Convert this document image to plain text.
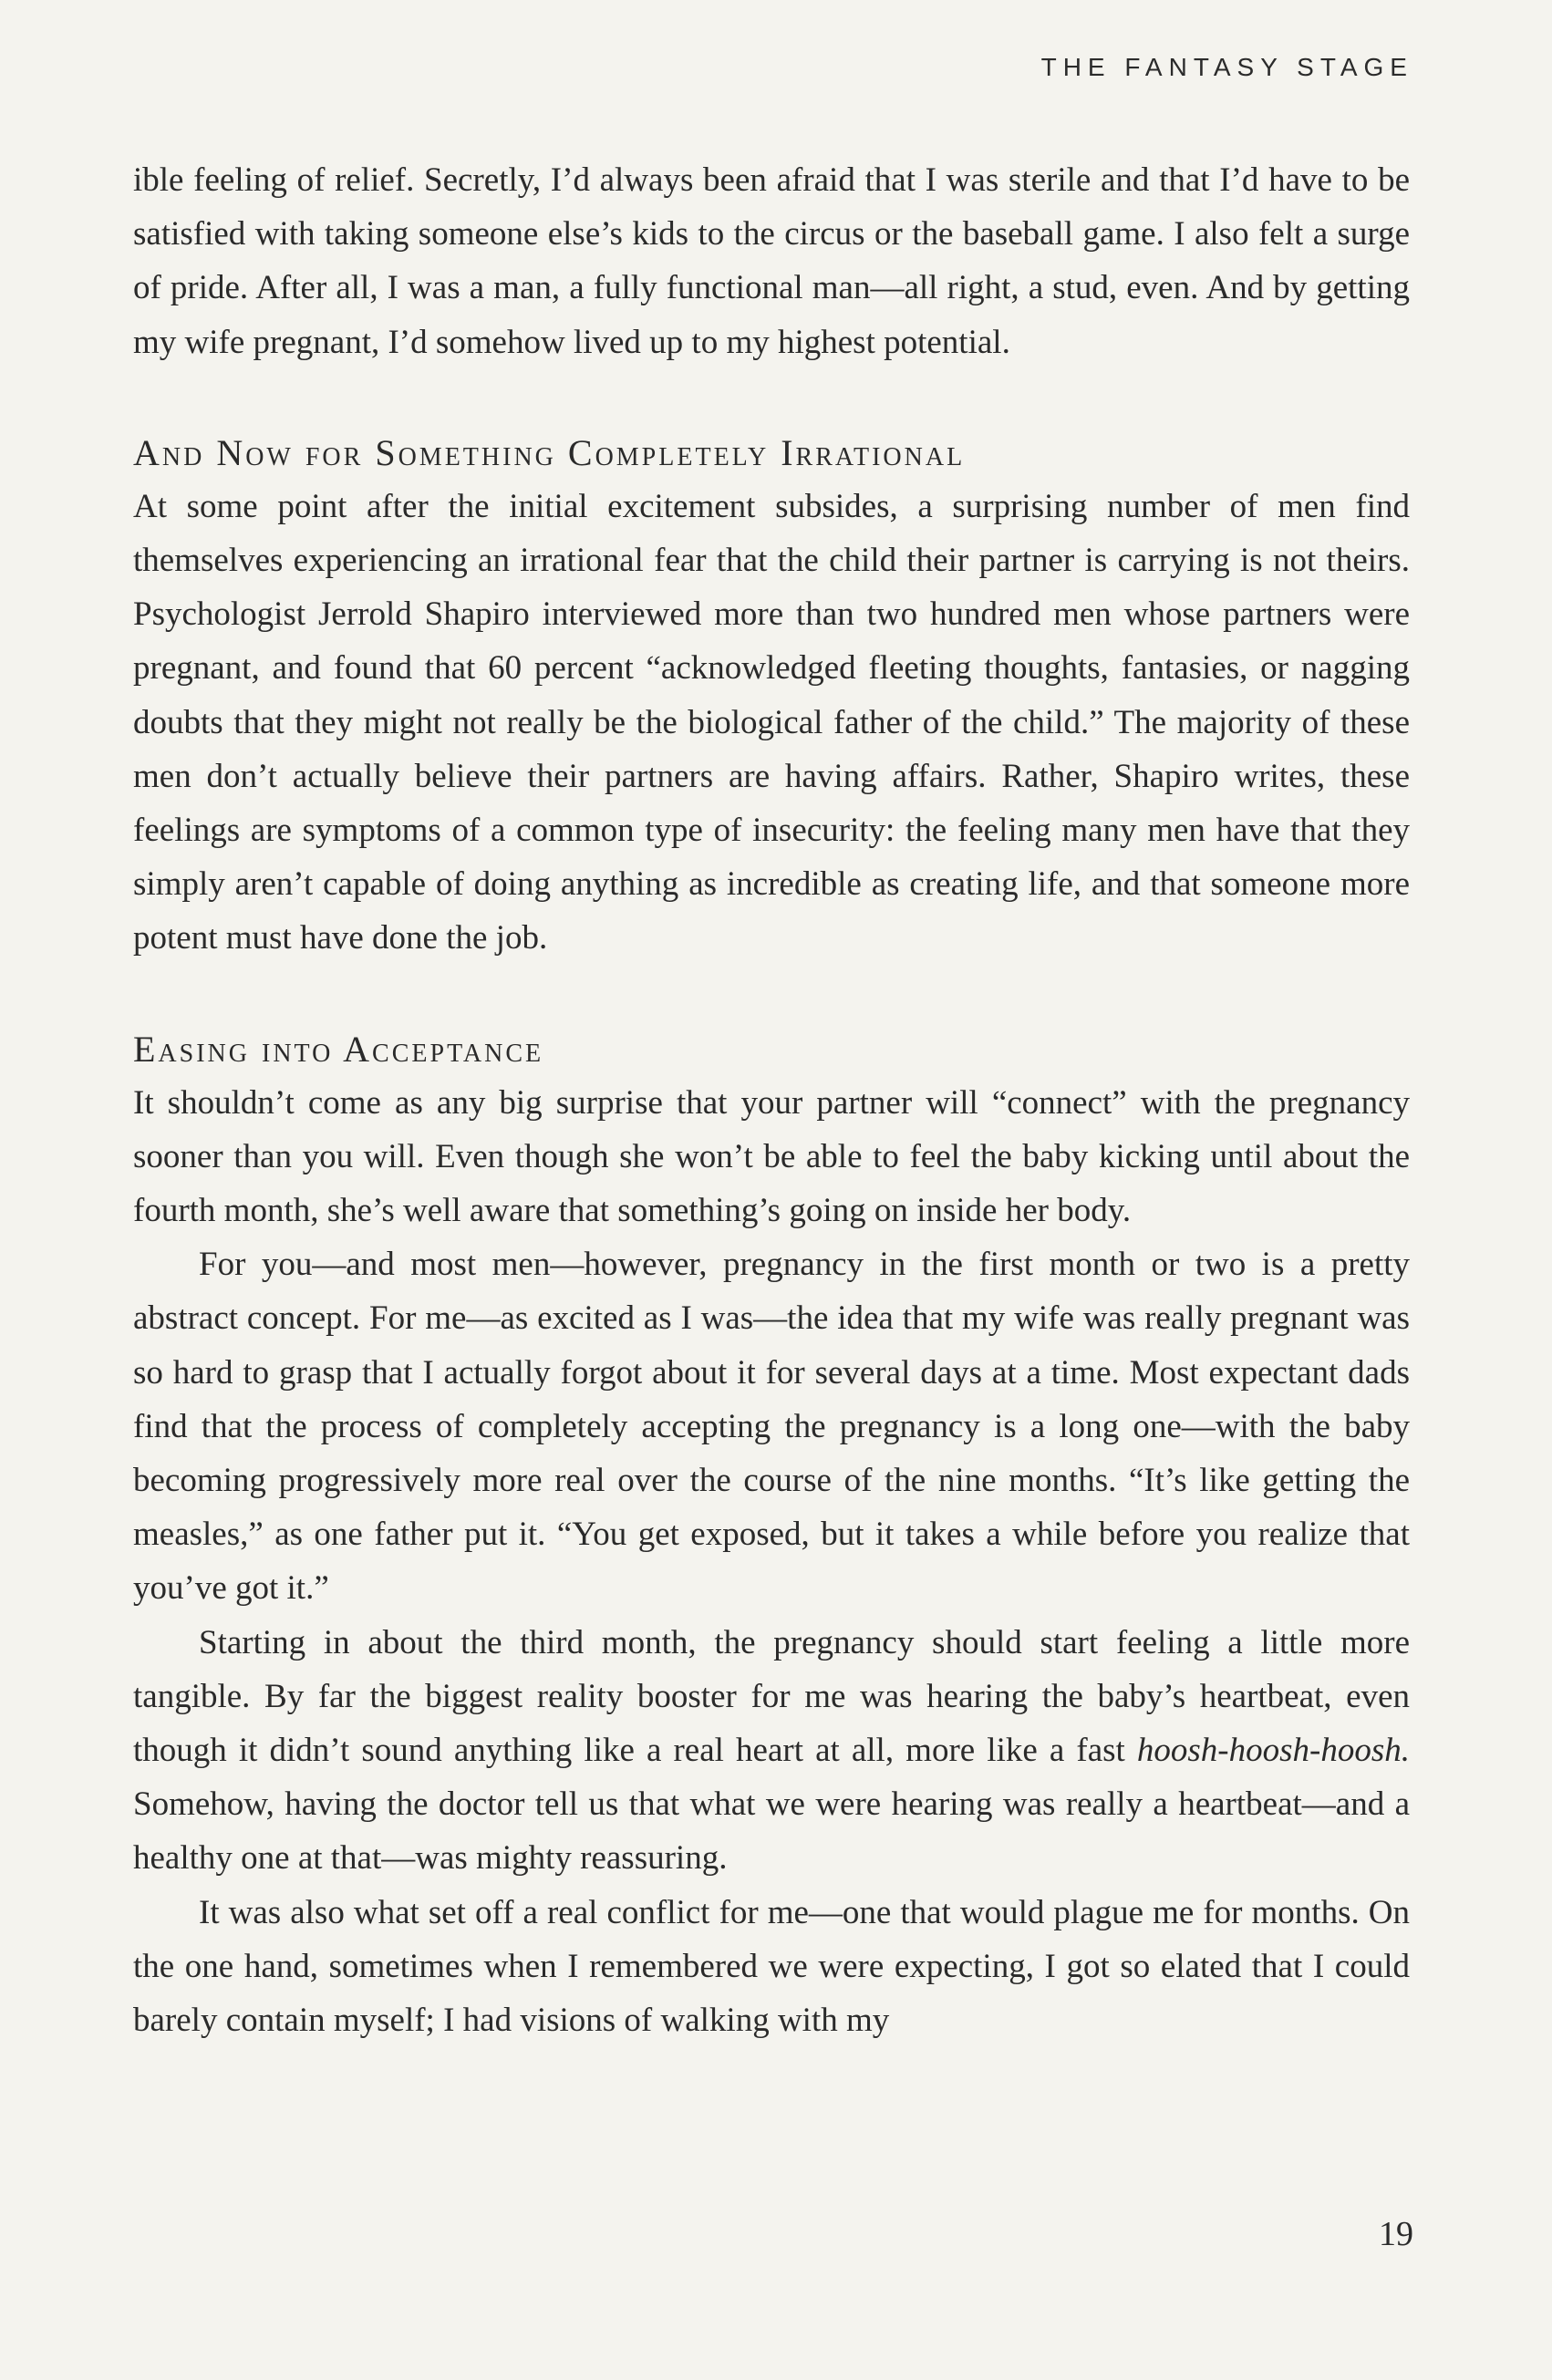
THE FANTASY STAGE

ible feeling of relief. Secretly, I’d always been afraid that I was sterile and that I’d have to be satisfied with taking someone else’s kids to the circus or the baseball game. I also felt a surge of pride. After all, I was a man, a fully functional man—all right, a stud, even. And by getting my wife pregnant, I’d somehow lived up to my highest potential.

And Now for Something Completely Irrational

At some point after the initial excitement subsides, a surprising number of men find themselves experiencing an irrational fear that the child their partner is carrying is not theirs. Psychologist Jerrold Shapiro interviewed more than two hundred men whose partners were pregnant, and found that 60 percent “acknowledged fleeting thoughts, fantasies, or nagging doubts that they might not really be the biological father of the child.” The majority of these men don’t actually believe their partners are having affairs. Rather, Shapiro writes, these feelings are symptoms of a common type of insecurity: the feeling many men have that they simply aren’t capable of doing anything as incredible as creating life, and that someone more potent must have done the job.

Easing into Acceptance

It shouldn’t come as any big surprise that your partner will “connect” with the pregnancy sooner than you will. Even though she won’t be able to feel the baby kicking until about the fourth month, she’s well aware that something’s going on inside her body.

For you—and most men—however, pregnancy in the first month or two is a pretty abstract concept. For me—as excited as I was—the idea that my wife was really pregnant was so hard to grasp that I actually forgot about it for several days at a time. Most expectant dads find that the process of completely accepting the pregnancy is a long one—with the baby becoming progressively more real over the course of the nine months. “It’s like getting the measles,” as one father put it. “You get exposed, but it takes a while before you realize that you’ve got it.”

Starting in about the third month, the pregnancy should start feeling a little more tangible. By far the biggest reality booster for me was hearing the baby’s heartbeat, even though it didn’t sound anything like a real heart at all, more like a fast hoosh-hoosh-hoosh. Somehow, having the doctor tell us that what we were hearing was really a heartbeat—and a healthy one at that—was mighty reassuring.

It was also what set off a real conflict for me—one that would plague me for months. On the one hand, sometimes when I remembered we were expecting, I got so elated that I could barely contain myself; I had visions of walking with my

19
